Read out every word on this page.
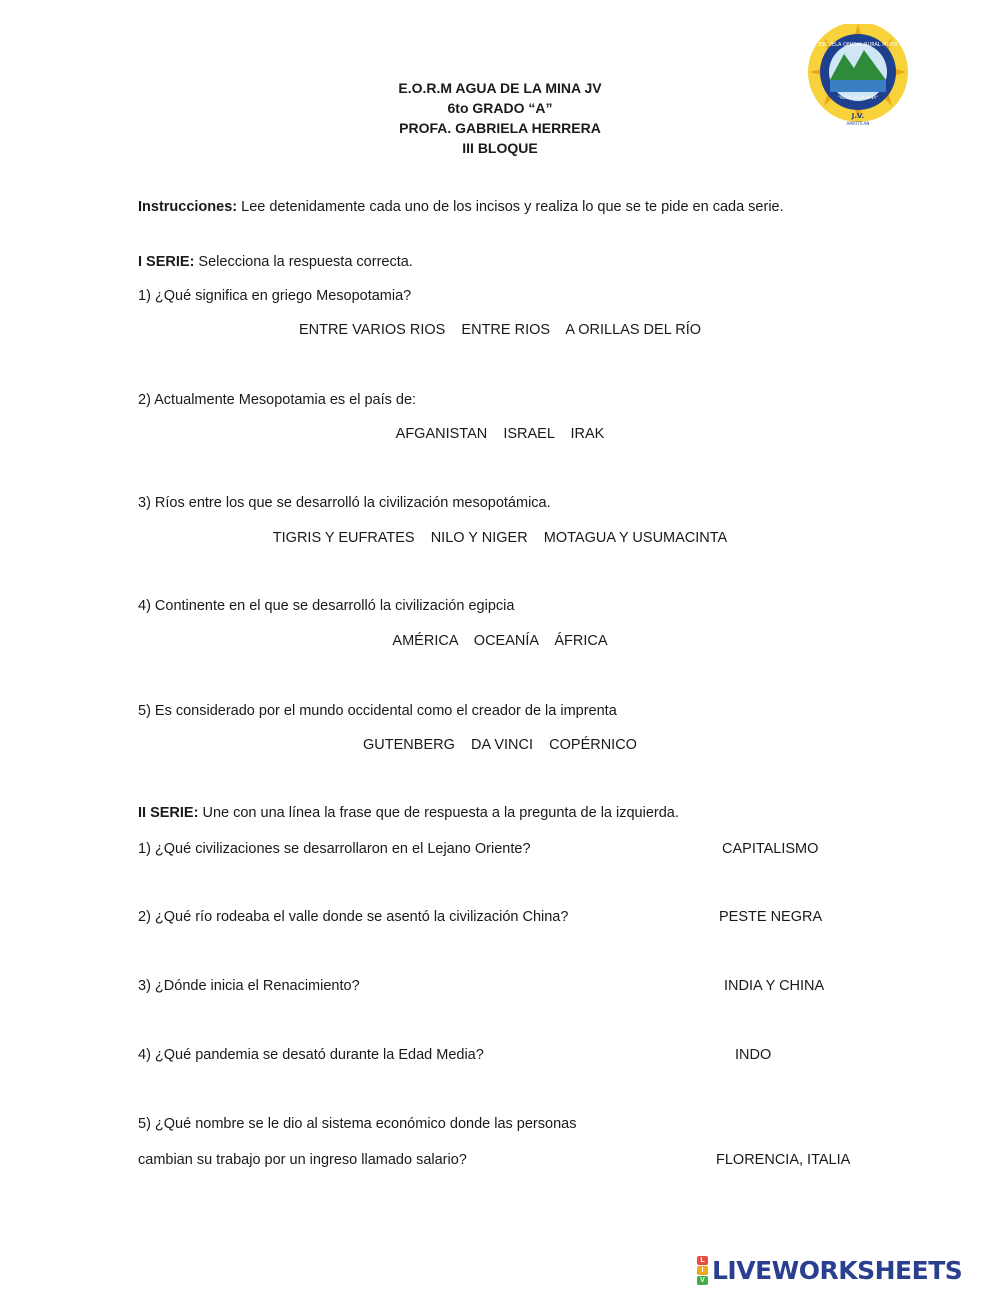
E.O.R.M AGUA DE LA MINA JV
6to GRADO “A”
PROFA. GABRIELA HERRERA
III BLOQUE
ESCUELA OFICIAL RURAL MIXTA
"AGUA DE LA MINA"
J.V.
AMATITLAN
Instrucciones: Lee detenidamente cada uno de los incisos y realiza lo que se te pide en cada serie.
I SERIE: Selecciona la respuesta correcta.
1) ¿Qué significa en griego Mesopotamia?
ENTRE VARIOS RIOS    ENTRE RIOS    A ORILLAS DEL RÍO
2) Actualmente Mesopotamia es el país de:
AFGANISTAN    ISRAEL    IRAK
3) Ríos entre los que se desarrolló la civilización mesopotámica.
TIGRIS Y EUFRATES    NILO Y NIGER    MOTAGUA Y USUMACINTA
4) Continente en el que se desarrolló la civilización egipcia
AMÉRICA    OCEANÍA    ÁFRICA
5) Es considerado por el mundo occidental como el creador de la imprenta
GUTENBERG    DA VINCI    COPÉRNICO
II SERIE: Une con una línea la frase que de respuesta a la pregunta de la izquierda.
1) ¿Qué civilizaciones se desarrollaron en el Lejano Oriente?	CAPITALISMO
2) ¿Qué río rodeaba el valle donde se asentó la civilización China?	PESTE NEGRA
3) ¿Dónde inicia el Renacimiento?	INDIA Y CHINA
4) ¿Qué pandemia se desató durante la Edad Media?	INDO
5) ¿Qué nombre se le dio al sistema económico donde las personas
cambian su trabajo por un ingreso llamado salario?	FLORENCIA, ITALIA
L
I
V LIVEWORKSHEETS
